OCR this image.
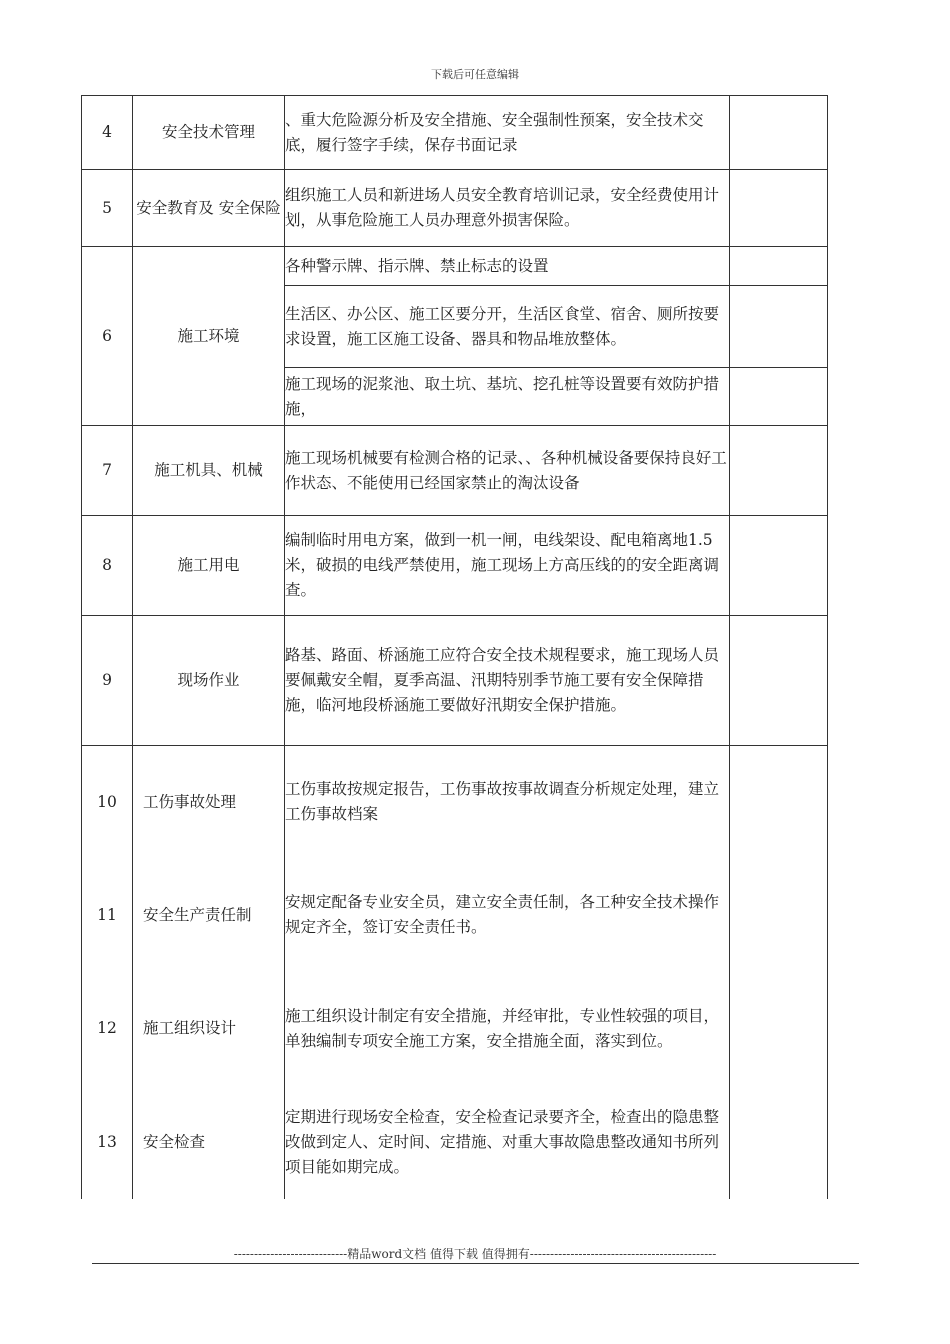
下载后可任意编辑
4	安全技术管理	、重大危险源分析及安全措施、安全强制性预案，安全技术交底，履行签字手续，保存书面记录	
5	安全教育及 安全保险	组织施工人员和新进场人员安全教育培训记录，安全经费使用计划，从事危险施工人员办理意外损害保险。	
6	施工环境	各种警示牌、指示牌、禁止标志的设置	
		生活区、办公区、施工区要分开，生活区食堂、宿舍、厕所按要求设置，施工区施工设备、器具和物品堆放整体。	
		施工现场的泥浆池、取土坑、基坑、挖孔桩等设置要有效防护措施，	
7	施工机具、机械	施工现场机械要有检测合格的记录、、各种机械设备要保持良好工作状态、不能使用已经国家禁止的淘汰设备	
8	施工用电	编制临时用电方案，做到一机一闸，电线架设、配电箱离地1.5米，破损的电线严禁使用，施工现场上方高压线的的安全距离调查。	
9	现场作业	路基、路面、桥涵施工应符合安全技术规程要求，施工现场人员要佩戴安全帽，夏季高温、汛期特别季节施工要有安全保障措施，临河地段桥涵施工要做好汛期安全保护措施。	
10	工伤事故处理	工伤事故按规定报告，工伤事故按事故调查分析规定处理，建立工伤事故档案	
11	安全生产责任制	安规定配备专业安全员，建立安全责任制，各工种安全技术操作规定齐全，签订安全责任书。	
12	施工组织设计	施工组织设计制定有安全措施，并经审批，专业性较强的项目，单独编制专项安全施工方案，安全措施全面，落实到位。	
13	安全检查	定期进行现场安全检查，安全检查记录要齐全，检查出的隐患整改做到定人、定时间、定措施、对重大事故隐患整改通知书所列项目能如期完成。	
----------------------------精品word文档 值得下载 值得拥有----------------------------------------------
